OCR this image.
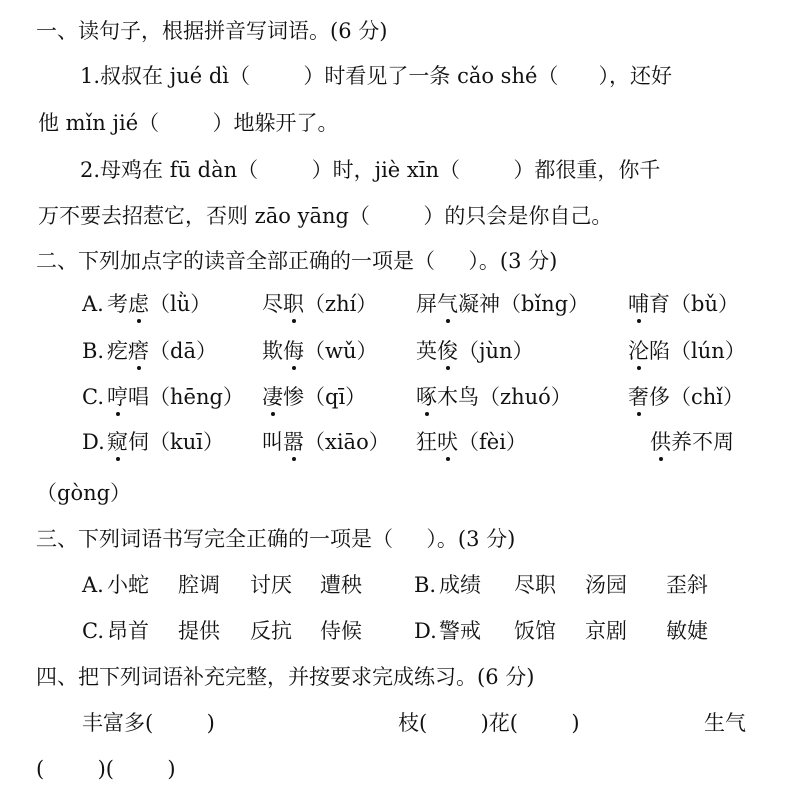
一、读句子，根据拼音写词语。(6 分)
1.叔叔在 jué dì（        ）时看见了一条 cǎo shé（      ），还好
他 mǐn jié（        ）地躲开了。
2.母鸡在 fū dàn（        ）时，jiè xīn（        ）都很重，你千
万不要去招惹它，否则 zāo yāng（        ）的只会是你自己。
二、下列加点字的读音全部正确的一项是（     ）。(3 分)
A. 考虑（lǜ） 尽职（zhí） 屏气凝神（bǐng） 哺育（bǔ）
B. 疙瘩（dā） 欺侮（wǔ） 英俊（jùn）	沦陷（lún）
C. 哼唱（hēng） 凄惨（qī） 啄木鸟（zhuó）	奢侈（chǐ）
D. 窥伺（kuī） 叫嚣（xiāo） 狂吠（fèi）	供养不周
（gòng）
三、下列词语书写完全正确的一项是（     ）。(3 分)
A. 小蛇 腔调 讨厌 遭秧 B. 成绩 尽职 汤园 歪斜
C. 昂首 提供 反抗 侍候 D. 警戒 饭馆 京剧 敏婕
四、把下列词语补充完整，并按要求完成练习。(6 分)
丰富多(        )	枝(        )花(        )	生气
(        )(        )
